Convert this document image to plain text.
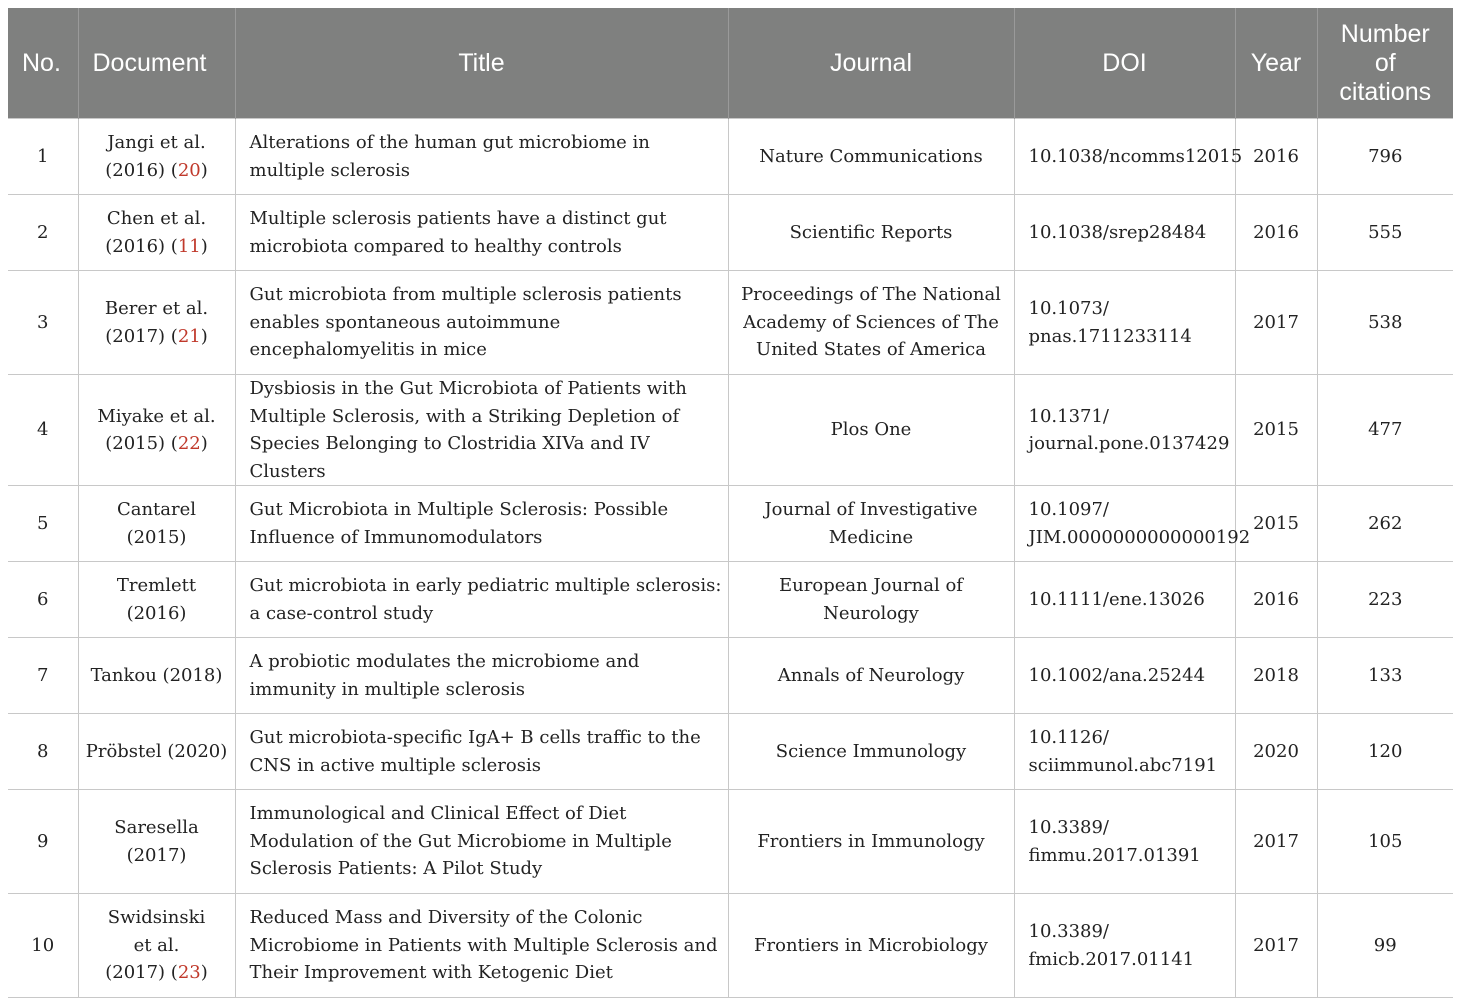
No.	Document	Title	Journal	DOI	Year	Number
of
citations
1	Jangi et al.
(2016) (20)	Alterations of the human gut microbiome in multiple sclerosis	Nature Communications	10.1038/ncomms12015	2016	796
2	Chen et al.
(2016) (11)	Multiple sclerosis patients have a distinct gut microbiota compared to healthy controls	Scientific Reports	10.1038/srep28484	2016	555
3	Berer et al.
(2017) (21)	Gut microbiota from multiple sclerosis patients enables spontaneous autoimmune encephalomyelitis in mice	Proceedings of The National Academy of Sciences of The United States of America	10.1073/ pnas.1711233114	2017	538
4	Miyake et al.
(2015) (22)	Dysbiosis in the Gut Microbiota of Patients with Multiple Sclerosis, with a Striking Depletion of Species Belonging to Clostridia XIVa and IV Clusters	Plos One	10.1371/ journal.pone.0137429	2015	477
5	Cantarel
(2015)	Gut Microbiota in Multiple Sclerosis: Possible Influence of Immunomodulators	Journal of Investigative Medicine	10.1097/ JIM.0000000000000192	2015	262
6	Tremlett
(2016)	Gut microbiota in early pediatric multiple sclerosis: a case-control study	European Journal of Neurology	10.1111/ene.13026	2016	223
7	Tankou (2018)	A probiotic modulates the microbiome and immunity in multiple sclerosis	Annals of Neurology	10.1002/ana.25244	2018	133
8	Pröbstel (2020)	Gut microbiota-specific IgA+ B cells traffic to the CNS in active multiple sclerosis	Science Immunology	10.1126/ sciimmunol.abc7191	2020	120
9	Saresella
(2017)	Immunological and Clinical Effect of Diet Modulation of the Gut Microbiome in Multiple Sclerosis Patients: A Pilot Study	Frontiers in Immunology	10.3389/ fimmu.2017.01391	2017	105
10	Swidsinski
et al.
(2017) (23)	Reduced Mass and Diversity of the Colonic Microbiome in Patients with Multiple Sclerosis and Their Improvement with Ketogenic Diet	Frontiers in Microbiology	10.3389/ fmicb.2017.01141	2017	99
